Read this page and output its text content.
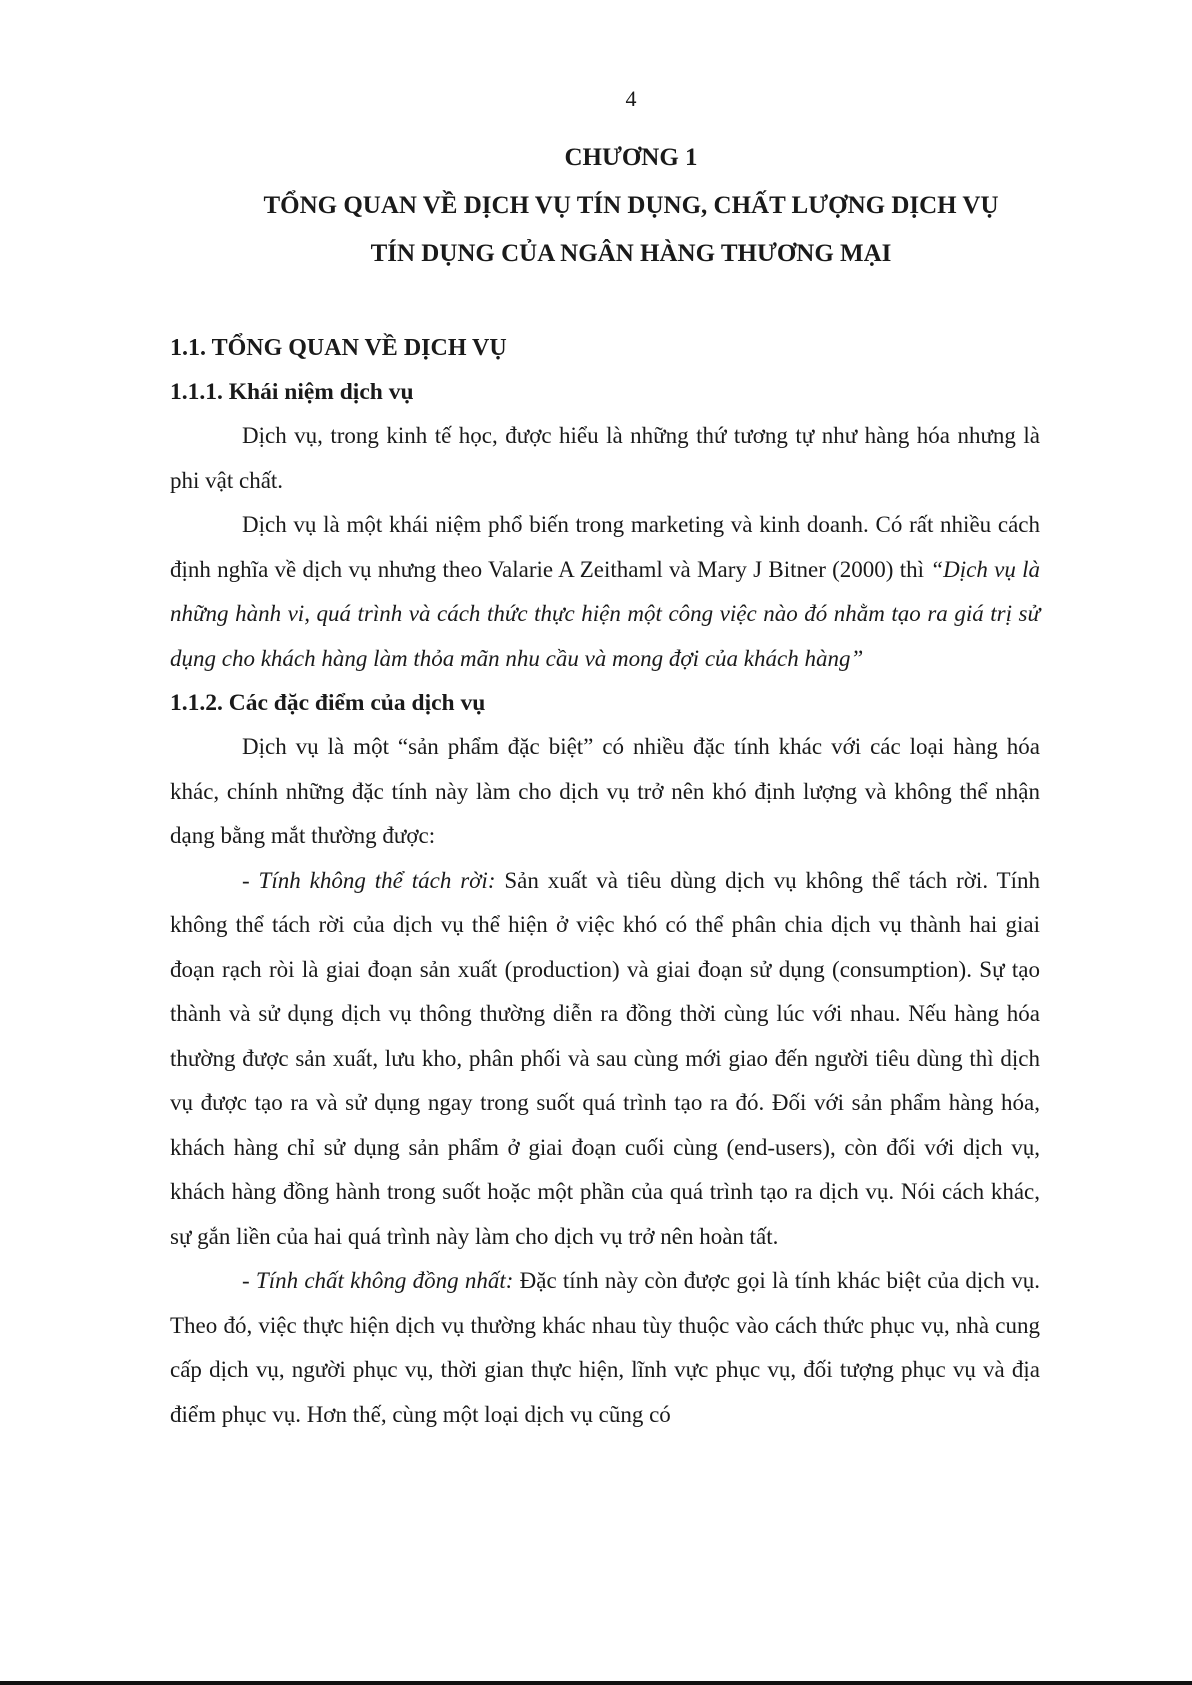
4
CHƯƠNG 1
TỔNG QUAN VỀ DỊCH VỤ TÍN DỤNG, CHẤT LƯỢNG DỊCH VỤ
TÍN DỤNG CỦA NGÂN HÀNG THƯƠNG MẠI
1.1. TỔNG QUAN VỀ DỊCH VỤ
1.1.1. Khái niệm dịch vụ

Dịch vụ, trong kinh tế học, được hiểu là những thứ tương tự như hàng hóa nhưng là phi vật chất.

Dịch vụ là một khái niệm phổ biến trong marketing và kinh doanh. Có rất nhiều cách định nghĩa về dịch vụ nhưng theo Valarie A Zeithaml và Mary J Bitner (2000) thì “Dịch vụ là những hành vi, quá trình và cách thức thực hiện một công việc nào đó nhằm tạo ra giá trị sử dụng cho khách hàng làm thỏa mãn nhu cầu và mong đợi của khách hàng”

1.1.2. Các đặc điểm của dịch vụ

Dịch vụ là một “sản phẩm đặc biệt” có nhiều đặc tính khác với các loại hàng hóa khác, chính những đặc tính này làm cho dịch vụ trở nên khó định lượng và không thể nhận dạng bằng mắt thường được:

- Tính không thể tách rời: Sản xuất và tiêu dùng dịch vụ không thể tách rời. Tính không thể tách rời của dịch vụ thể hiện ở việc khó có thể phân chia dịch vụ thành hai giai đoạn rạch ròi là giai đoạn sản xuất (production) và giai đoạn sử dụng (consumption). Sự tạo thành và sử dụng dịch vụ thông thường diễn ra đồng thời cùng lúc với nhau. Nếu hàng hóa thường được sản xuất, lưu kho, phân phối và sau cùng mới giao đến người tiêu dùng thì dịch vụ được tạo ra và sử dụng ngay trong suốt quá trình tạo ra đó. Đối với sản phẩm hàng hóa, khách hàng chỉ sử dụng sản phẩm ở giai đoạn cuối cùng (end-users), còn đối với dịch vụ, khách hàng đồng hành trong suốt hoặc một phần của quá trình tạo ra dịch vụ. Nói cách khác, sự gắn liền của hai quá trình này làm cho dịch vụ trở nên hoàn tất.

- Tính chất không đồng nhất: Đặc tính này còn được gọi là tính khác biệt của dịch vụ. Theo đó, việc thực hiện dịch vụ thường khác nhau tùy thuộc vào cách thức phục vụ, nhà cung cấp dịch vụ, người phục vụ, thời gian thực hiện, lĩnh vực phục vụ, đối tượng phục vụ và địa điểm phục vụ. Hơn thế, cùng một loại dịch vụ cũng có
